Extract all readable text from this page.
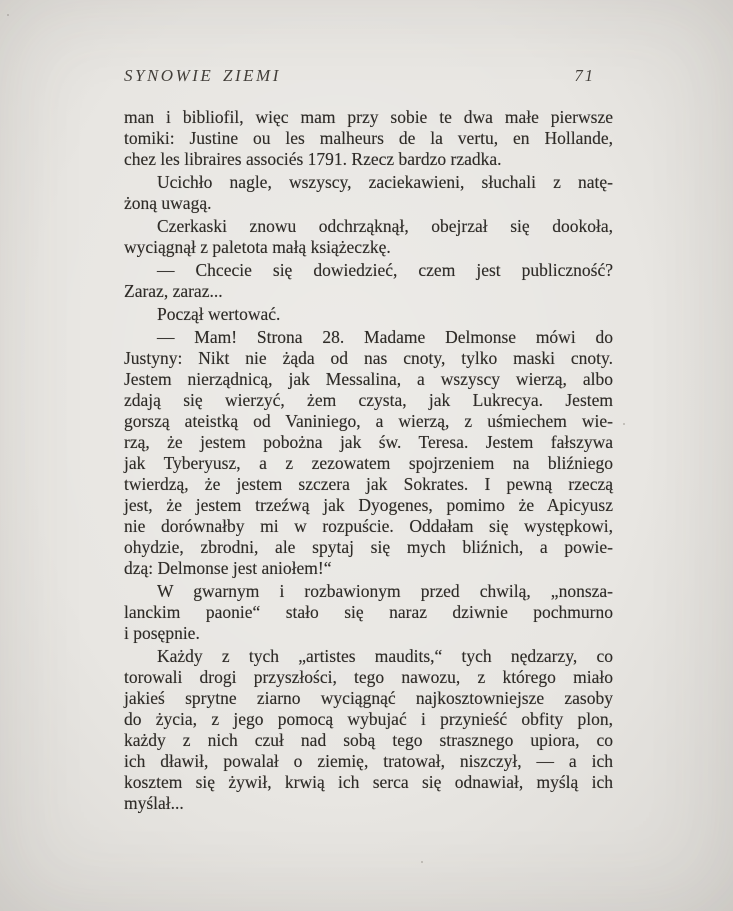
SYNOWIE ZIEMI	71

man i bibliofil, więc mam przy sobie te dwa małe pierwsze
tomiki: Justine ou les malheurs de la vertu, en Hollande,
chez les libraires associés 1791. Rzecz bardzo rzadka.

Ucichło nagle, wszyscy, zaciekawieni, słuchali z natę-
żoną uwagą.

Czerkaski znowu odchrząknął, obejrzał się dookoła,
wyciągnął z paletota małą książeczkę.

— Chcecie się dowiedzieć, czem jest publiczność?
Zaraz, zaraz...

Począł wertować.

— Mam! Strona 28. Madame Delmonse mówi do
Justyny: Nikt nie żąda od nas cnoty, tylko maski cnoty.
Jestem nierządnicą, jak Messalina, a wszyscy wierzą, albo
zdają się wierzyć, żem czysta, jak Lukrecya. Jestem
gorszą ateistką od Vaniniego, a wierzą, z uśmiechem wie-
rzą, że jestem pobożna jak św. Teresa. Jestem fałszywa
jak Tyberyusz, a z zezowatem spojrzeniem na bliźniego
twierdzą, że jestem szczera jak Sokrates. I pewną rzeczą
jest, że jestem trzeźwą jak Dyogenes, pomimo że Apicyusz
nie dorównałby mi w rozpuście. Oddałam się występkowi,
ohydzie, zbrodni, ale spytaj się mych bliźnich, a powie-
dzą: Delmonse jest aniołem!“

W gwarnym i rozbawionym przed chwilą, „nonsza-
lanckim paonie“ stało się naraz dziwnie pochmurno
i posępnie.

Każdy z tych „artistes maudits,“ tych nędzarzy, co
torowali drogi przyszłości, tego nawozu, z którego miało
jakieś sprytne ziarno wyciągnąć najkosztowniejsze zasoby
do życia, z jego pomocą wybujać i przynieść obfity plon,
każdy z nich czuł nad sobą tego strasznego upiora, co
ich dławił, powalał o ziemię, tratował, niszczył, — a ich
kosztem się żywił, krwią ich serca się odnawiał, myślą ich
myślał...
